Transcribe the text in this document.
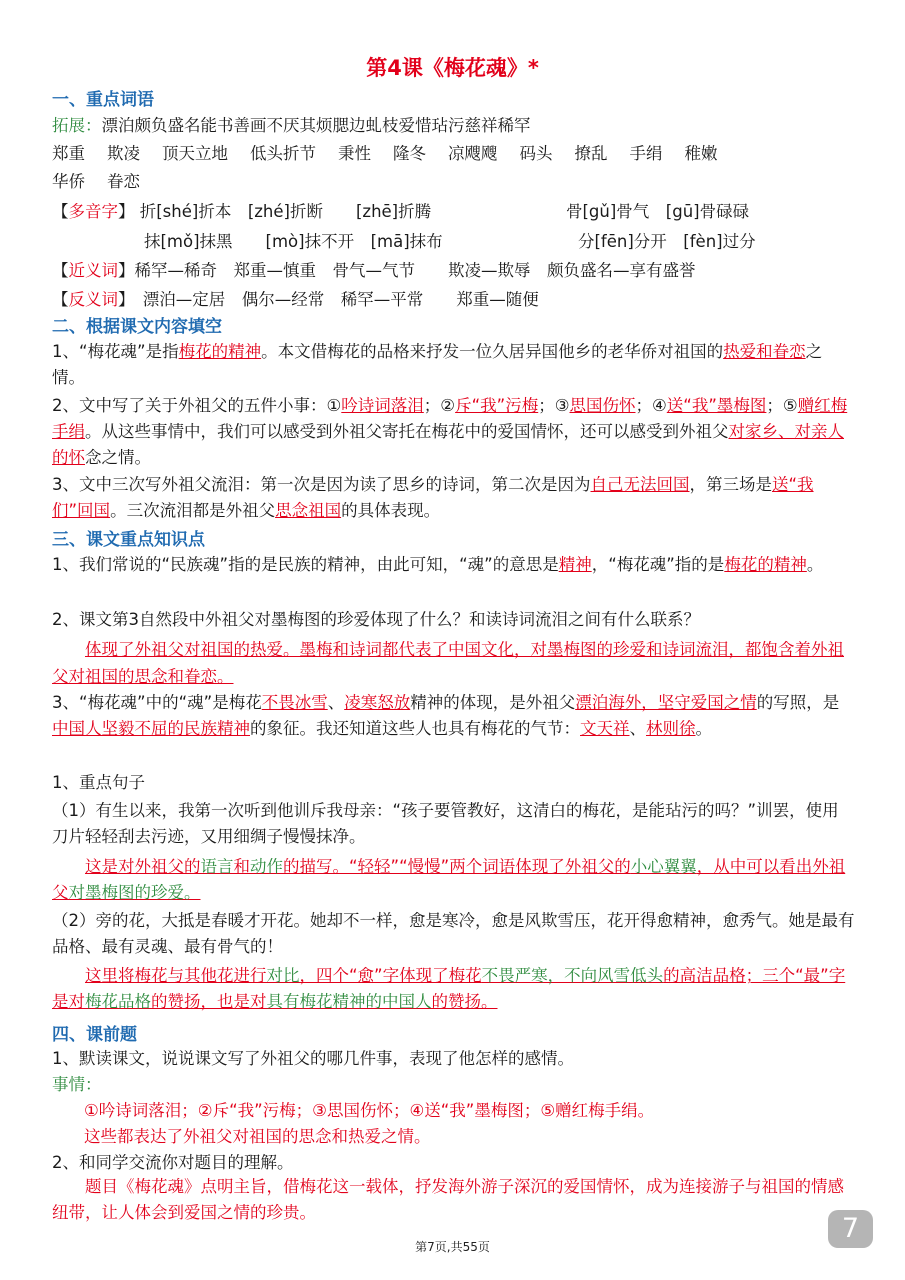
第4课《梅花魂》*
一、重点词语
拓展：漂泊颇负盛名能书善画不厌其烦腮边虬枝爱惜玷污慈祥稀罕
郑重 欺凌 顶天立地 低头折节 秉性 隆冬 凉飕飕 码头 撩乱 手绢 稚嫩
华侨 眷恋
【多音字】 折[shé]折本　[zhé]折断　　[zhē]折腾	骨[gǔ]骨气　[gū]骨碌碌
抹[mǒ]抹黑　　[mò]抹不开　[mā]抹布	分[fēn]分开　[fèn]过分
【近义词】稀罕—稀奇　郑重—慎重　骨气—气节　　欺凌—欺辱　颇负盛名—享有盛誉
【反义词】　漂泊—定居　偶尔—经常　稀罕—平常　　郑重—随便
二、根据课文内容填空
1、“梅花魂”是指梅花的精神。本文借梅花的品格来抒发一位久居异国他乡的老华侨对祖国的热爱和眷恋之情。
2、文中写了关于外祖父的五件小事：①吟诗词落泪；②斥“我”污梅；③思国伤怀；④送“我”墨梅图；⑤赠红梅手绢。从这些事情中，我们可以感受到外祖父寄托在梅花中的爱国情怀，还可以感受到外祖父对家乡、对亲人的怀念之情。
3、文中三次写外祖父流泪：第一次是因为读了思乡的诗词，第二次是因为自己无法回国，第三场是送“我们”回国。三次流泪都是外祖父思念祖国的具体表现。
三、课文重点知识点
1、我们常说的“民族魂”指的是民族的精神，由此可知，“魂”的意思是精神，“梅花魂”指的是梅花的精神。
2、课文第3自然段中外祖父对墨梅图的珍爱体现了什么？和读诗词流泪之间有什么联系？
体现了外祖父对祖国的热爱。墨梅和诗词都代表了中国文化，对墨梅图的珍爱和诗词流泪，都饱含着外祖父对祖国的思念和眷恋。
3、“梅花魂”中的“魂”是梅花不畏冰雪、凌寒怒放精神的体现，是外祖父漂泊海外，坚守爱国之情的写照，是中国人坚毅不屈的民族精神的象征。我还知道这些人也具有梅花的气节：文天祥、林则徐。
1、重点句子
（1）有生以来，我第一次听到他训斥我母亲：“孩子要管教好，这清白的梅花，是能玷污的吗？”训罢，使用刀片轻轻刮去污迹，又用细绸子慢慢抹净。
这是对外祖父的语言和动作的描写。“轻轻”“慢慢”两个词语体现了外祖父的小心翼翼，从中可以看出外祖父对墨梅图的珍爱。
（2）旁的花，大抵是春暖才开花。她却不一样，愈是寒冷，愈是风欺雪压，花开得愈精神，愈秀气。她是最有品格、最有灵魂、最有骨气的！
这里将梅花与其他花进行对比，四个“愈”字体现了梅花不畏严寒，不向风雪低头的高洁品格；三个“最”字是对梅花品格的赞扬，也是对具有梅花精神的中国人的赞扬。
四、课前题
1、默读课文，说说课文写了外祖父的哪几件事，表现了他怎样的感情。
事情：
①吟诗词落泪；②斥“我”污梅；③思国伤怀；④送“我”墨梅图；⑤赠红梅手绢。
这些都表达了外祖父对祖国的思念和热爱之情。
2、和同学交流你对题目的理解。
题目《梅花魂》点明主旨，借梅花这一载体，抒发海外游子深沉的爱国情怀，成为连接游子与祖国的情感纽带，让人体会到爱国之情的珍贵。
第7页,共55页
7
